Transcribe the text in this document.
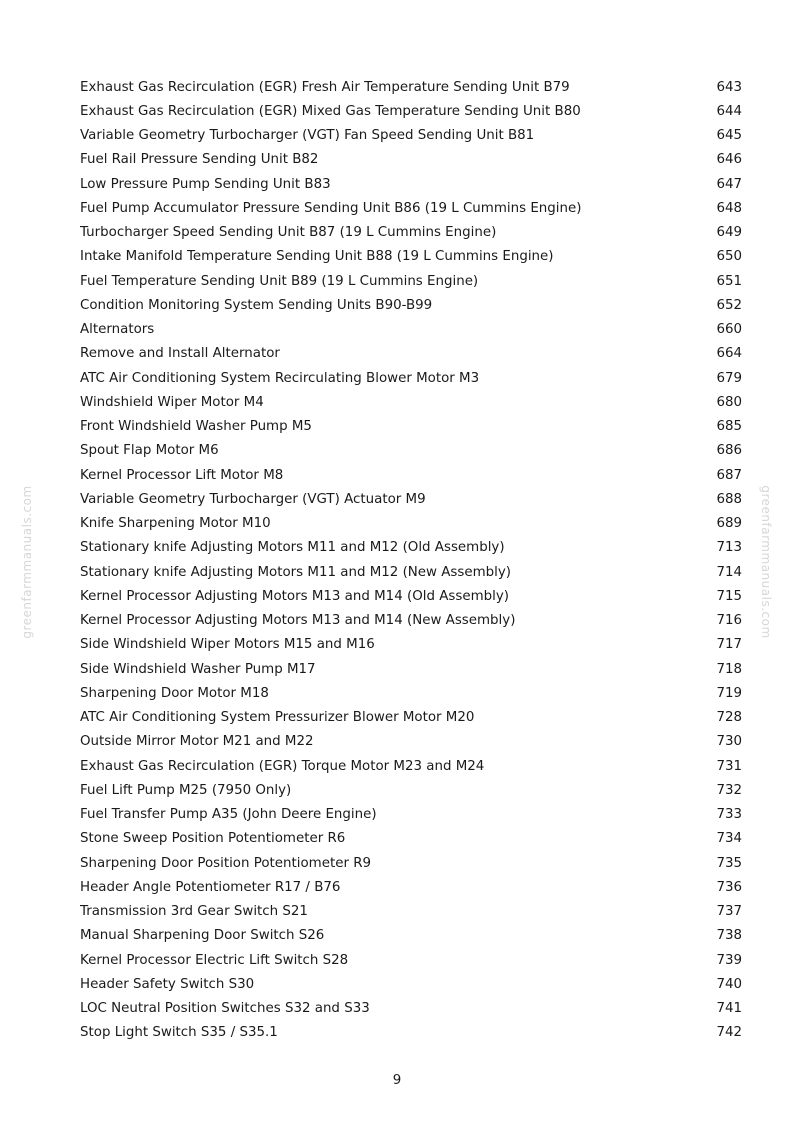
greenfarmmanuals.com	greenfarmmanuals.com
Exhaust Gas Recirculation (EGR) Fresh Air Temperature Sending Unit B79	643
Exhaust Gas Recirculation (EGR) Mixed Gas Temperature Sending Unit B80	644
Variable Geometry Turbocharger (VGT) Fan Speed Sending Unit B81	645
Fuel Rail Pressure Sending Unit B82	646
Low Pressure Pump Sending Unit B83	647
Fuel Pump Accumulator Pressure Sending Unit B86 (19 L Cummins Engine)	648
Turbocharger Speed Sending Unit B87 (19 L Cummins Engine)	649
Intake Manifold Temperature Sending Unit B88 (19 L Cummins Engine)	650
Fuel Temperature Sending Unit B89 (19 L Cummins Engine)	651
Condition Monitoring System Sending Units B90-B99	652
Alternators	660
Remove and Install Alternator	664
ATC Air Conditioning System Recirculating Blower Motor M3	679
Windshield Wiper Motor M4	680
Front Windshield Washer Pump M5	685
Spout Flap Motor M6	686
Kernel Processor Lift Motor M8	687
Variable Geometry Turbocharger (VGT) Actuator M9	688
Knife Sharpening Motor M10	689
Stationary knife Adjusting Motors M11 and M12 (Old Assembly)	713
Stationary knife Adjusting Motors M11 and M12 (New Assembly)	714
Kernel Processor Adjusting Motors M13 and M14 (Old Assembly)	715
Kernel Processor Adjusting Motors M13 and M14 (New Assembly)	716
Side Windshield Wiper Motors M15 and M16	717
Side Windshield Washer Pump M17	718
Sharpening Door Motor M18	719
ATC Air Conditioning System Pressurizer Blower Motor M20	728
Outside Mirror Motor M21 and M22	730
Exhaust Gas Recirculation (EGR) Torque Motor M23 and M24	731
Fuel Lift Pump M25 (7950 Only)	732
Fuel Transfer Pump A35 (John Deere Engine)	733
Stone Sweep Position Potentiometer R6	734
Sharpening Door Position Potentiometer R9	735
Header Angle Potentiometer R17 / B76	736
Transmission 3rd Gear Switch S21	737
Manual Sharpening Door Switch S26	738
Kernel Processor Electric Lift Switch S28	739
Header Safety Switch S30	740
LOC Neutral Position Switches S32 and S33	741
Stop Light Switch S35 / S35.1	742
9
